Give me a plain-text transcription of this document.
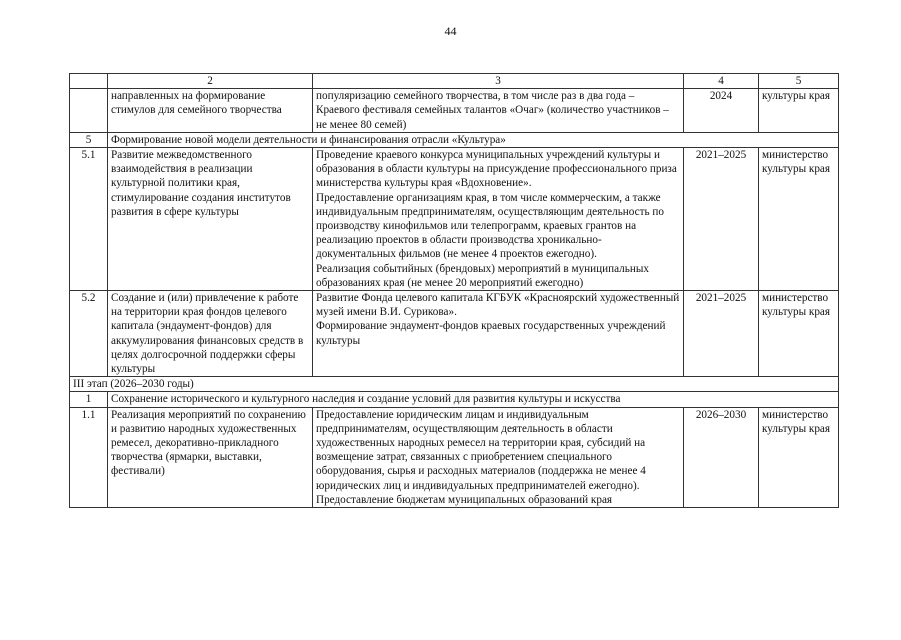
44
	2	3	4	5
	направленных на формирование стимулов для семейного творчества	популяризацию семейного творчества, в том числе раз в два года – Краевого фестиваля семейных талантов «Очаг» (количество участников – не менее 80 семей)	2024	культуры края
5	Формирование новой модели деятельности и финансирования отрасли «Культура»			
5.1	Развитие межведомственного взаимодействия в реализации культурной политики края, стимулирование создания институтов развития в сфере культуры	Проведение краевого конкурса муниципальных учреждений культуры и образования в области культуры на присуждение профессионального приза министерства культуры края «Вдохновение».
Предоставление организациям края, в том числе коммерческим, а также индивидуальным предпринимателям, осуществляющим деятельность по производству кинофильмов или телепрограмм, краевых грантов на реализацию проектов в области производства хроникально-документальных фильмов (не менее 4 проектов ежегодно).
Реализация событийных (брендовых) мероприятий в муниципальных образованиях края (не менее 20 мероприятий ежегодно)	2021–2025	министерство культуры края
5.2	Создание и (или) привлечение к работе на территории края фондов целевого капитала (эндаумент-фондов) для аккумулирования финансовых средств в целях долгосрочной поддержки сферы культуры	Развитие Фонда целевого капитала КГБУК «Красноярский художественный музей имени В.И. Сурикова».
Формирование эндаумент-фондов краевых государственных учреждений культуры	2021–2025	министерство культуры края
III этап (2026–2030 годы)				
1	Сохранение исторического и культурного наследия и создание условий для развития культуры и искусства			
1.1	Реализация мероприятий по сохранению и развитию народных художественных ремесел, декоративно-прикладного творчества (ярмарки, выставки, фестивали)	Предоставление юридическим лицам и индивидуальным предпринимателям, осуществляющим деятельность в области художественных народных ремесел на территории края, субсидий на возмещение затрат, связанных с приобретением специального оборудования, сырья и расходных материалов (поддержка не менее 4 юридических лиц и индивидуальных предпринимателей ежегодно).
Предоставление бюджетам муниципальных образований края	2026–2030	министерство культуры края
